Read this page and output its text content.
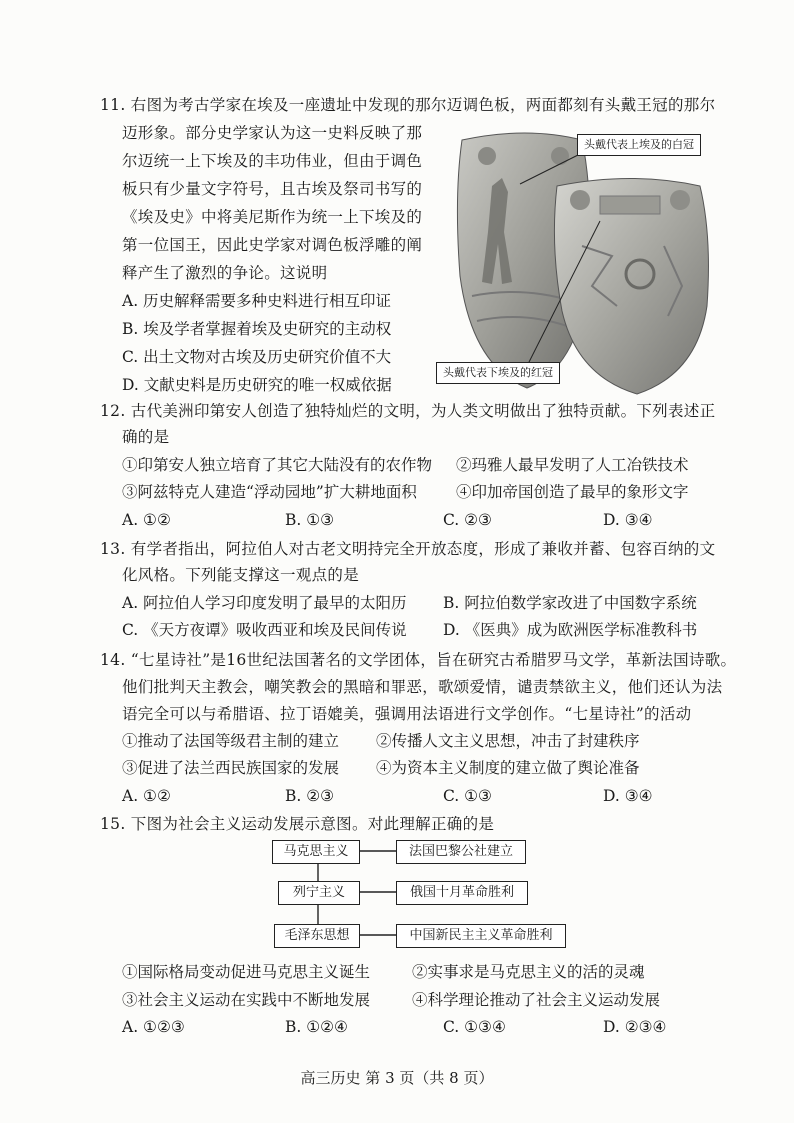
11. 右图为考古学家在埃及一座遗址中发现的那尔迈调色板，两面都刻有头戴王冠的那尔
迈形象。部分史学家认为这一史料反映了那
尔迈统一上下埃及的丰功伟业，但由于调色
板只有少量文字符号，且古埃及祭司书写的
《埃及史》中将美尼斯作为统一上下埃及的
第一位国王，因此史学家对调色板浮雕的阐
释产生了激烈的争论。这说明
A. 历史解释需要多种史料进行相互印证
B. 埃及学者掌握着埃及史研究的主动权
C. 出土文物对古埃及历史研究价值不大
D. 文献史料是历史研究的唯一权威依据
头戴代表上埃及的白冠
头戴代表下埃及的红冠
12. 古代美洲印第安人创造了独特灿烂的文明，为人类文明做出了独特贡献。下列表述正
确的是
①印第安人独立培育了其它大陆没有的农作物 ②玛雅人最早发明了人工冶铁技术
③阿兹特克人建造“浮动园地”扩大耕地面积	④印加帝国创造了最早的象形文字
A. ①②	B. ①③	C. ②③	D. ③④
13. 有学者指出，阿拉伯人对古老文明持完全开放态度，形成了兼收并蓄、包容百纳的文
化风格。下列能支撑这一观点的是
A. 阿拉伯人学习印度发明了最早的太阳历 B. 阿拉伯数学家改进了中国数字系统
C. 《天方夜谭》吸收西亚和埃及民间传说 D. 《医典》成为欧洲医学标准教科书
14. “七星诗社”是16世纪法国著名的文学团体，旨在研究古希腊罗马文学，革新法国诗歌。
他们批判天主教会，嘲笑教会的黑暗和罪恶，歌颂爱情，谴责禁欲主义，他们还认为法
语完全可以与希腊语、拉丁语媲美，强调用法语进行文学创作。“七星诗社”的活动
①推动了法国等级君主制的建立 ②传播人文主义思想，冲击了封建秩序
③促进了法兰西民族国家的发展 ④为资本主义制度的建立做了舆论准备
A. ①②	B. ②③	C. ①③	D. ③④
15. 下图为社会主义运动发展示意图。对此理解正确的是
马克思主义
列宁主义
毛泽东思想
法国巴黎公社建立
俄国十月革命胜利
中国新民主主义革命胜利
①国际格局变动促进马克思主义诞生	②实事求是马克思主义的活的灵魂
③社会主义运动在实践中不断地发展	④科学理论推动了社会主义运动发展
A. ①②③	B. ①②④	C. ①③④	D. ②③④
高三历史 第 3 页（共 8 页）
